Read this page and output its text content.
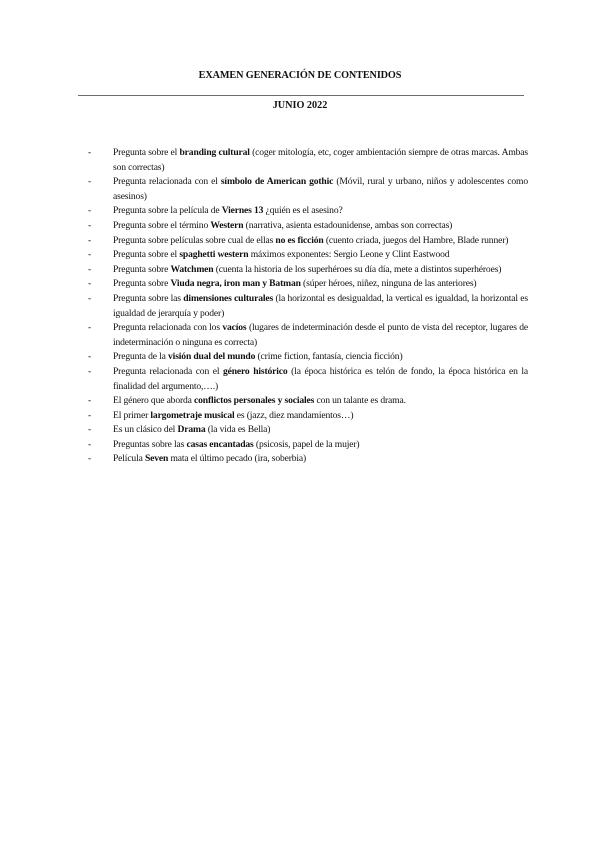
EXAMEN GENERACIÓN DE CONTENIDOS
JUNIO 2022
-	Pregunta sobre el branding cultural (coger mitología, etc, coger ambientación siempre de otras marcas. Ambas son correctas)
-	Pregunta relacionada con el símbolo de American gothic (Móvil, rural y urbano, niños y adolescentes como asesinos)
-	Pregunta sobre la película de Viernes 13 ¿quién es el asesino?
-	Pregunta sobre el término Western (narrativa, asienta estadounidense, ambas son correctas)
-	Pregunta sobre películas sobre cual de ellas no es ficción (cuento criada, juegos del Hambre, Blade runner)
-	Pregunta sobre el spaghetti western máximos exponentes: Sergio Leone y Clint Eastwood
-	Pregunta sobre Watchmen (cuenta la historia de los superhéroes su día día, mete a distintos superhéroes)
-	Pregunta sobre Viuda negra, iron man y Batman (súper héroes, niñez, ninguna de las anteriores)
-	Pregunta sobre las dimensiones culturales (la horizontal es desigualdad, la vertical es igualdad, la horizontal es igualdad de jerarquía y poder)
-	Pregunta relacionada con los vacíos (lugares de indeterminación desde el punto de vista del receptor, lugares de indeterminación o ninguna es correcta)
-	Pregunta de la visión dual del mundo (crime fiction, fantasía, ciencia ficción)
-	Pregunta relacionada con el género histórico (la época histórica es telón de fondo, la época histórica en la finalidad del argumento,….)
-	El género que aborda conflictos personales y sociales con un talante es drama.
-	El primer largometraje musical es (jazz, diez mandamientos…)
-	Es un clásico del Drama (la vida es Bella)
-	Preguntas sobre las casas encantadas (psicosis, papel de la mujer)
-	Película Seven mata el último pecado (ira, soberbia)
